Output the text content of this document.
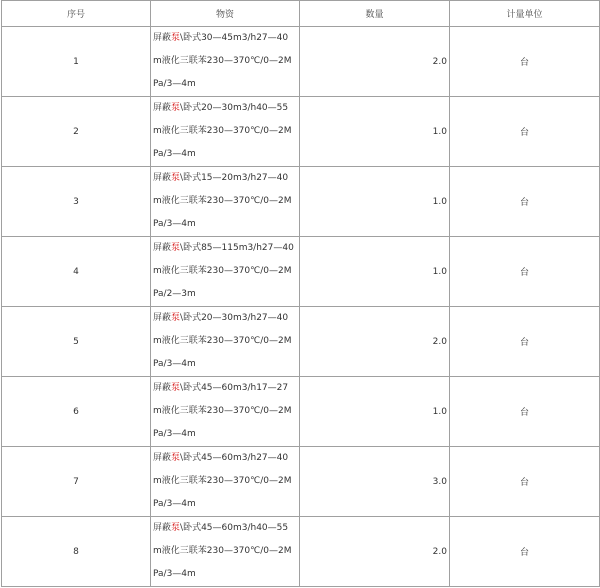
序号	物资	数量	计量单位
1	屏蔽泵\卧式30—45m3/h27—40
m液化三联苯230—370℃/0—2M
Pa/3—4m	2.0	台
2	屏蔽泵\卧式20—30m3/h40—55
m液化三联苯230—370℃/0—2M
Pa/3—4m	1.0	台
3	屏蔽泵\卧式15—20m3/h27—40
m液化三联苯230—370℃/0—2M
Pa/3—4m	1.0	台
4	屏蔽泵\卧式85—115m3/h27—40
m液化三联苯230—370℃/0—2M
Pa/2—3m	1.0	台
5	屏蔽泵\卧式20—30m3/h27—40
m液化三联苯230—370℃/0—2M
Pa/3—4m	2.0	台
6	屏蔽泵\卧式45—60m3/h17—27
m液化三联苯230—370℃/0—2M
Pa/3—4m	1.0	台
7	屏蔽泵\卧式45—60m3/h27—40
m液化三联苯230—370℃/0—2M
Pa/3—4m	3.0	台
8	屏蔽泵\卧式45—60m3/h40—55
m液化三联苯230—370℃/0—2M
Pa/3—4m	2.0	台
